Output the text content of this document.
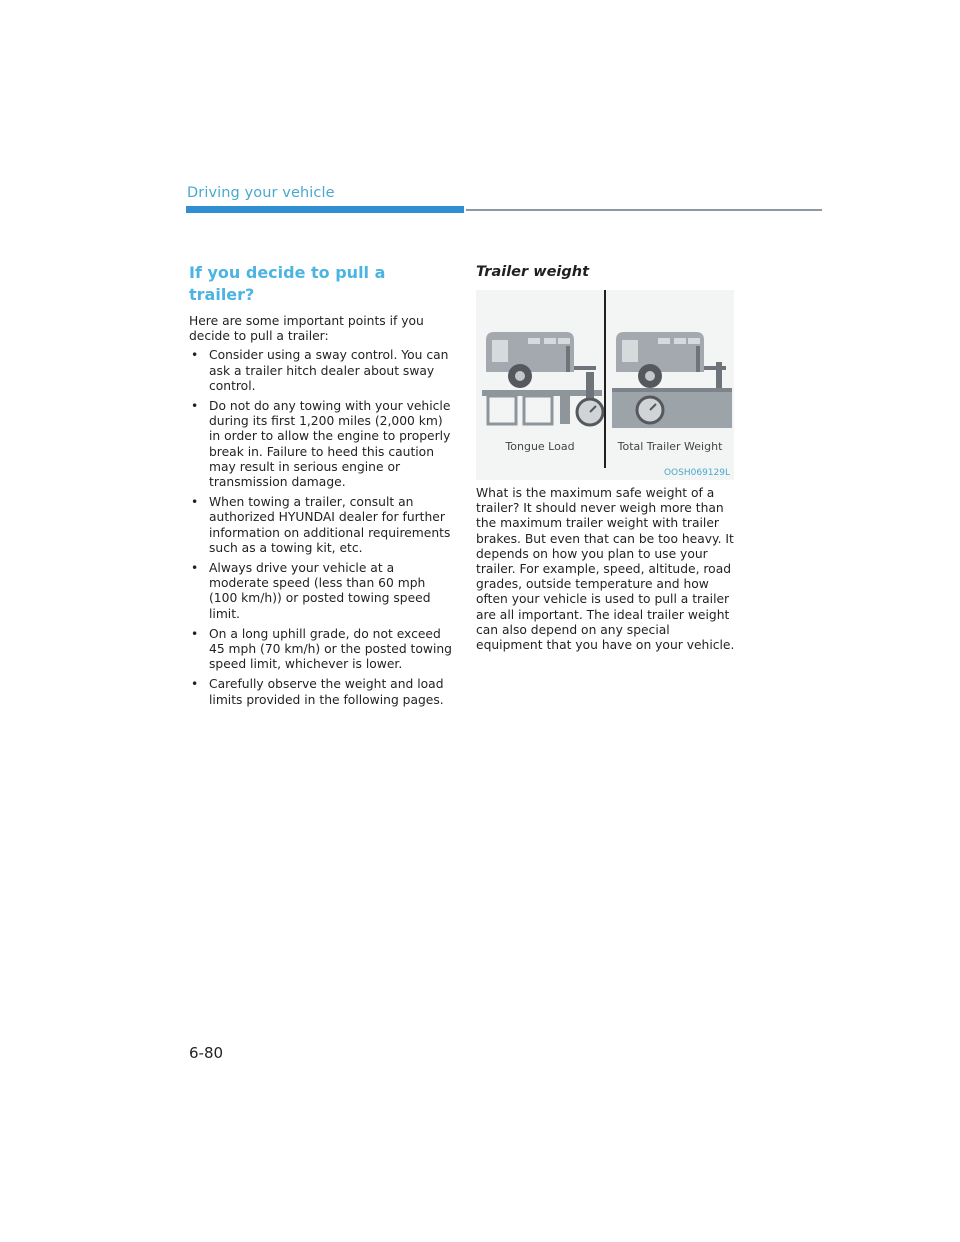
Driving your vehicle
If you decide to pull a trailer?

Here are some important points if you decide to pull a trailer:

• Consider using a sway control. You can ask a trailer hitch dealer about sway control.
• Do not do any towing with your vehicle during its first 1,200 miles (2,000 km) in order to allow the engine to properly break in. Failure to heed this caution may result in serious engine or transmission damage.
• When towing a trailer, consult an authorized HYUNDAI dealer for further information on additional requirements such as a towing kit, etc.
• Always drive your vehicle at a moderate speed (less than 60 mph (100 km/h)) or posted towing speed limit.
• On a long uphill grade, do not exceed 45 mph (70 km/h) or the posted towing speed limit, whichever is lower.
• Carefully observe the weight and load limits provided in the following pages.
Trailer weight
Tongue Load	Total Trailer Weight
OOSH069129L

What is the maximum safe weight of a trailer? It should never weigh more than the maximum trailer weight with trailer brakes. But even that can be too heavy. It depends on how you plan to use your trailer. For example, speed, altitude, road grades, outside temperature and how often your vehicle is used to pull a trailer are all important. The ideal trailer weight can also depend on any special equipment that you have on your vehicle.

6-80
